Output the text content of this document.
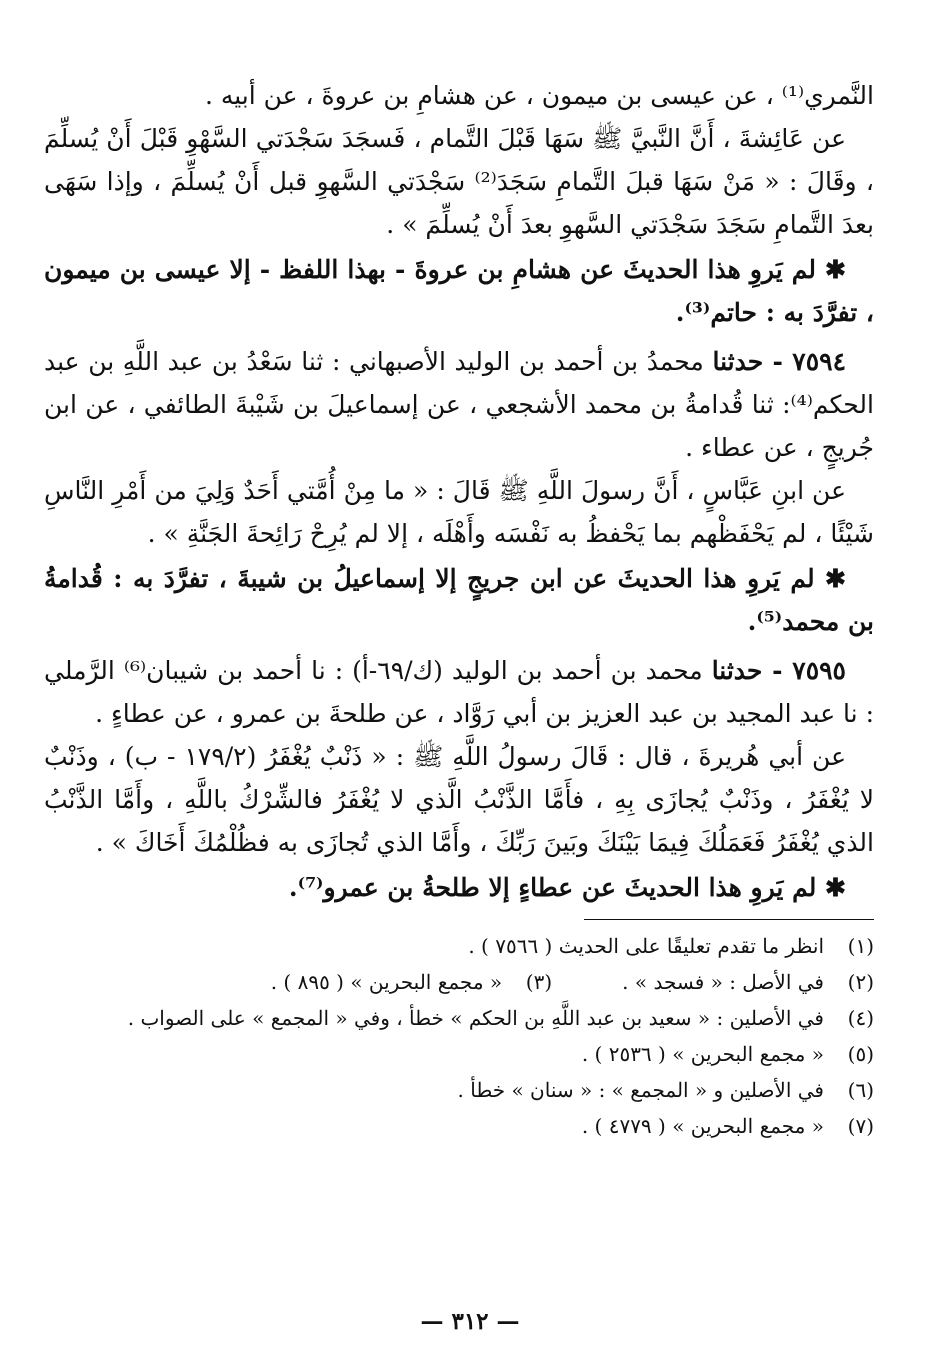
النَّمري⁽¹⁾ ، عن عيسى بن ميمون ، عن هشامِ بن عروةَ ، عن أبيه .

عن عَائِشةَ ، أَنَّ النَّبيَّ ﷺ سَهَا قَبْلَ التَّمام ، فَسجَدَ سَجْدَتي السَّهْوِ قَبْلَ أَنْ يُسلِّمَ ، وقَالَ : « مَنْ سَهَا قبلَ التَّمامِ سَجَدَ⁽²⁾ سَجْدَتي السَّهوِ قبل أَنْ يُسلِّمَ ، وإذا سَهَى بعدَ التَّمامِ سَجَدَ سَجْدَتي السَّهوِ بعدَ أَنْ يُسلِّمَ » .

✱ لم يَروِ هذا الحديثَ عن هشامِ بن عروةَ - بهذا اللفظ - إلا عيسى بن ميمون ، تفرَّدَ به : حاتم⁽³⁾.

٧٥٩٤ - حدثنا محمدُ بن أحمد بن الوليد الأصبهاني : ثنا سَعْدُ بن عبد اللَّهِ بن عبد الحكم⁽⁴⁾: ثنا قُدامةُ بن محمد الأشجعي ، عن إسماعيلَ بن شَيْبةَ الطائفي ، عن ابن جُريجٍ ، عن عطاء .

عن ابنِ عَبَّاسٍ ، أَنَّ رسولَ اللَّهِ ﷺ قَالَ : « ما مِنْ أُمَّتي أَحَدٌ وَلِيَ من أَمْرِ النَّاسِ شَيْئًا ، لم يَحْفَظْهم بما يَحْفظُ به نَفْسَه وأَهْلَه ، إلا لم يُرِحْ رَائِحةَ الجَنَّةِ » .

✱ لم يَروِ هذا الحديثَ عن ابن جريجٍ إلا إسماعيلُ بن شيبةَ ، تفرَّدَ به : قُدامةُ بن محمد⁽⁵⁾.

٧٥٩٥ - حدثنا محمد بن أحمد بن الوليد (ك/٦٩-أ) : نا أحمد بن شيبان⁽⁶⁾ الرَّملي : نا عبد المجيد بن عبد العزيز بن أبي رَوَّاد ، عن طلحةَ بن عمرو ، عن عطاءٍ .

عن أبي هُريرةَ ، قال : قَالَ رسولُ اللَّهِ ﷺ : « ذَنْبٌ يُغْفَرُ (١٧٩/٢ - ب) ، وذَنْبٌ لا يُغْفَرُ ، وذَنْبٌ يُجازَى بِهِ ، فأَمَّا الذَّنْبُ الَّذي لا يُغْفَرُ فالشِّرْكُ باللَّهِ ، وأَمَّا الذَّنْبُ الذي يُغْفَرُ فَعَمَلُكَ فِيمَا بَيْنَكَ وبَينَ رَبِّكَ ، وأَمَّا الذي تُجازَى به فظُلْمُكَ أَخَاكَ » .

✱ لم يَروِ هذا الحديثَ عن عطاءٍ إلا طلحةُ بن عمرو⁽⁷⁾.

(١)
انظر ما تقدم تعليقًا على الحديث ( ٧٥٦٦ ) .
(٢)
في الأصل : « فسجد » .
(٣)
« مجمع البحرين » ( ٨٩٥ ) .
(٤)
في الأصلين : « سعيد بن عبد اللَّهِ بن الحكم » خطأ ، وفي « المجمع » على الصواب .
(٥)
« مجمع البحرين » ( ٢٥٣٦ ) .
(٦)
في الأصلين و « المجمع » : « سنان » خطأ .
(٧)
« مجمع البحرين » ( ٤٧٧٩ ) .
— ٣١٢ —
